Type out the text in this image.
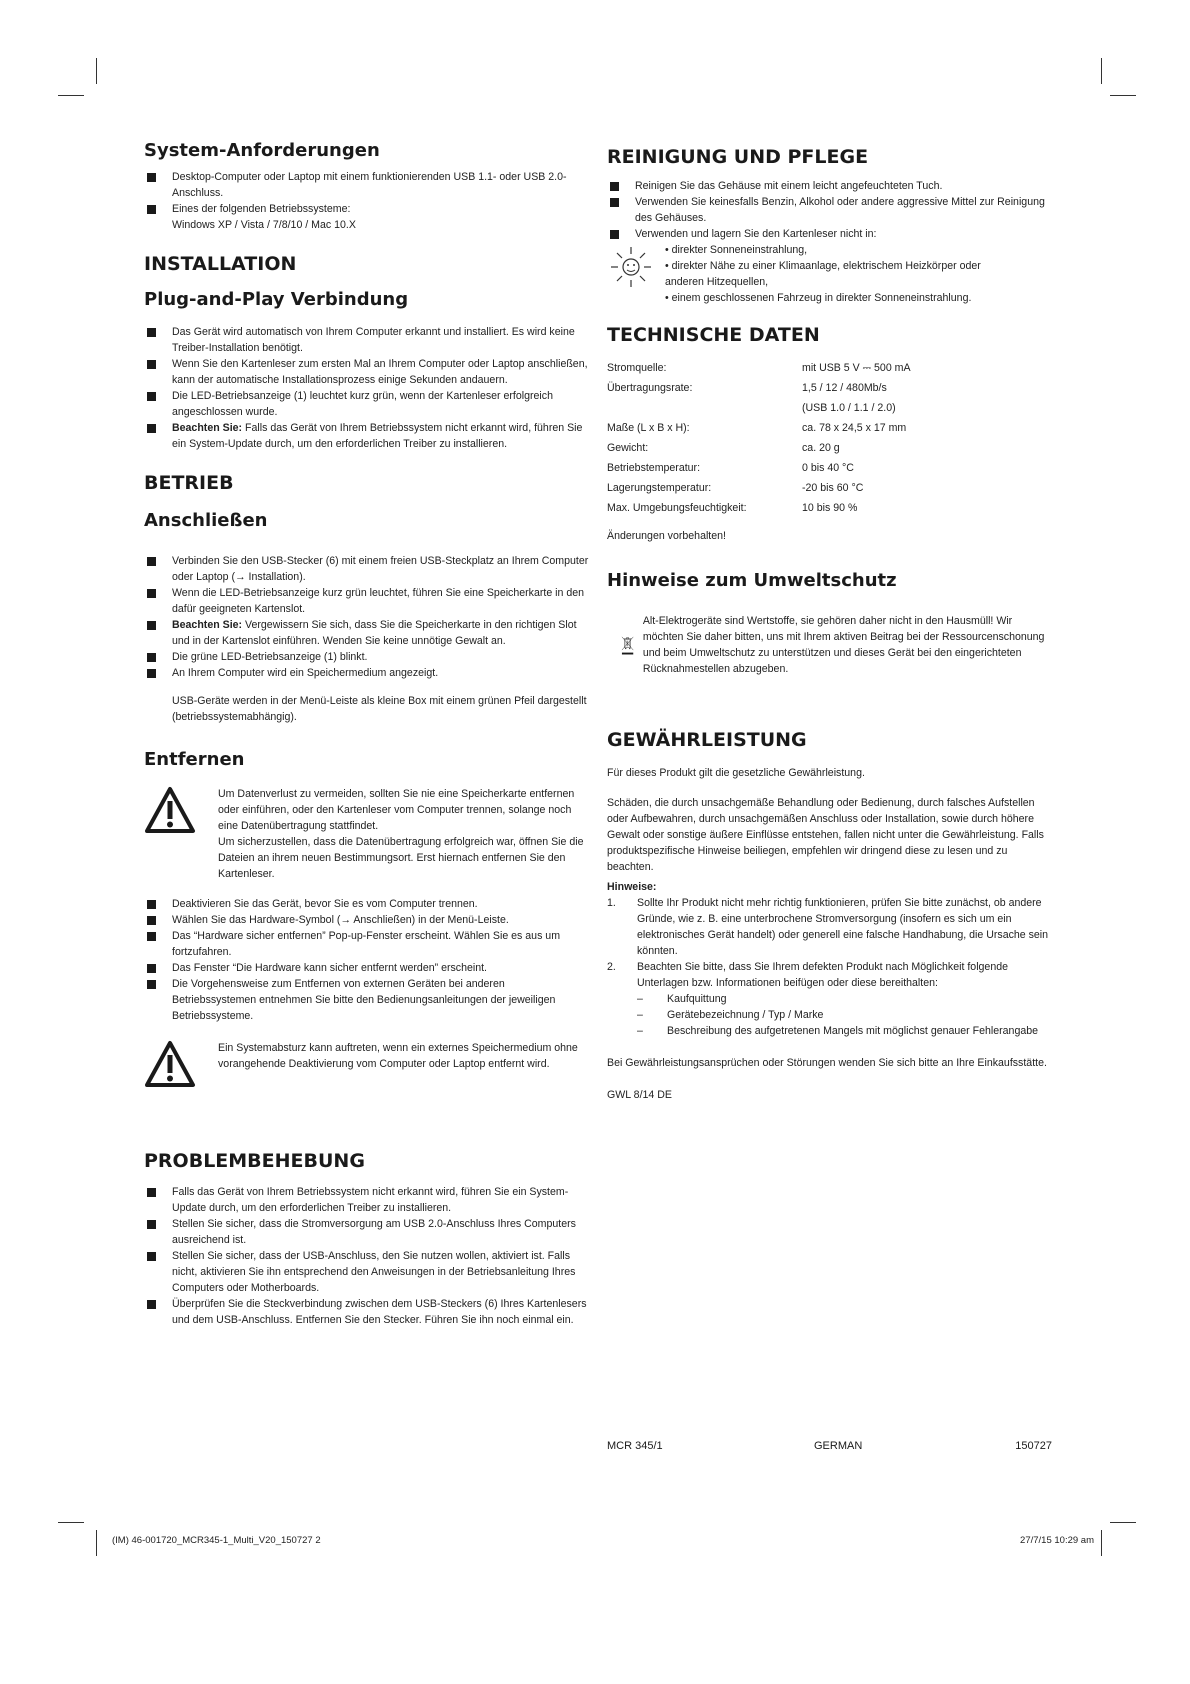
System-Anforderungen
Desktop-Computer oder Laptop mit einem funktionierenden USB 1.1- oder USB 2.0-Anschluss.
Eines der folgenden Betriebssysteme:
Windows XP / Vista / 7/8/10 / Mac 10.X
INSTALLATION
Plug-and-Play Verbindung
Das Gerät wird automatisch von Ihrem Computer erkannt und installiert. Es wird keine Treiber-Installation benötigt.
Wenn Sie den Kartenleser zum ersten Mal an Ihrem Computer oder Laptop anschließen, kann der automatische Installationsprozess einige Sekunden andauern.
Die LED-Betriebsanzeige (1) leuchtet kurz grün, wenn der Kartenleser erfolgreich angeschlossen wurde.
Beachten Sie: Falls das Gerät von Ihrem Betriebssystem nicht erkannt wird, führen Sie ein System-Update durch, um den erforderlichen Treiber zu installieren.
BETRIEB
Anschließen
Verbinden Sie den USB-Stecker (6) mit einem freien USB-Steckplatz an Ihrem Computer oder Laptop (→ Installation).
Wenn die LED-Betriebsanzeige kurz grün leuchtet, führen Sie eine Speicherkarte in den dafür geeigneten Kartenslot.
Beachten Sie: Vergewissern Sie sich, dass Sie die Speicherkarte in den richtigen Slot und in der Kartenslot einführen. Wenden Sie keine unnötige Gewalt an.
Die grüne LED-Betriebsanzeige (1) blinkt.
An Ihrem Computer wird ein Speichermedium angezeigt.

USB-Geräte werden in der Menü-Leiste als kleine Box mit einem grünen Pfeil dargestellt (betriebssystemabhängig).

Entfernen

Um Datenverlust zu vermeiden, sollten Sie nie eine Speicherkarte entfernen oder einführen, oder den Kartenleser vom Computer trennen, solange noch eine Datenübertragung stattfindet.
Um sicherzustellen, dass die Datenübertragung erfolgreich war, öffnen Sie die Dateien an ihrem neuen Bestimmungsort. Erst hiernach entfernen Sie den Kartenleser.

Deaktivieren Sie das Gerät, bevor Sie es vom Computer trennen.
Wählen Sie das Hardware-Symbol (→ Anschließen) in der Menü-Leiste.
Das “Hardware sicher entfernen” Pop-up-Fenster erscheint. Wählen Sie es aus um fortzufahren.
Das Fenster “Die Hardware kann sicher entfernt werden” erscheint.
Die Vorgehensweise zum Entfernen von externen Geräten bei anderen Betriebssystemen entnehmen Sie bitte den Bedienungsanleitungen der jeweiligen Betriebssysteme.

Ein Systemabsturz kann auftreten, wenn ein externes Speichermedium ohne vorangehende Deaktivierung vom Computer oder Laptop entfernt wird.

PROBLEMBEHEBUNG
Falls das Gerät von Ihrem Betriebssystem nicht erkannt wird, führen Sie ein System-Update durch, um den erforderlichen Treiber zu installieren.
Stellen Sie sicher, dass die Stromversorgung am USB 2.0-Anschluss Ihres Computers ausreichend ist.
Stellen Sie sicher, dass der USB-Anschluss, den Sie nutzen wollen, aktiviert ist. Falls nicht, aktivieren Sie ihn entsprechend den Anweisungen in der Betriebsanleitung Ihres Computers oder Motherboards.
Überprüfen Sie die Steckverbindung zwischen dem USB-Steckers (6) Ihres Kartenlesers und dem USB-Anschluss. Entfernen Sie den Stecker. Führen Sie ihn noch einmal ein.
REINIGUNG UND PFLEGE
Reinigen Sie das Gehäuse mit einem leicht angefeuchteten Tuch.
Verwenden Sie keinesfalls Benzin, Alkohol oder andere aggressive Mittel zur Reinigung des Gehäuses.
Verwenden und lagern Sie den Kartenleser nicht in:

• direkter Sonneneinstrahlung,

• direkter Nähe zu einer Klimaanlage, elektrischem Heizkörper oder
anderen Hitzequellen,

• einem geschlossenen Fahrzeug in direkter Sonneneinstrahlung.

TECHNISCHE DATEN
Stromquelle:	mit USB 5 V ⎓ 500 mA
Übertragungsrate:	1,5 / 12 / 480Mb/s
	(USB 1.0 / 1.1 / 2.0)
Maße (L x B x H):	ca. 78 x 24,5 x 17 mm
Gewicht:	ca. 20 g
Betriebstemperatur:	0 bis 40 °C
Lagerungstemperatur:	-20 bis 60 °C
Max. Umgebungsfeuchtigkeit:	10 bis 90 %

Änderungen vorbehalten!

Hinweise zum Umweltschutz

Alt-Elektrogeräte sind Wertstoffe, sie gehören daher nicht in den Hausmüll! Wir möchten Sie daher bitten, uns mit Ihrem aktiven Beitrag bei der Ressourcenschonung und beim Umweltschutz zu unterstützen und dieses Gerät bei den eingerichteten Rücknahmestellen abzugeben.

GEWÄHRLEISTUNG

Für dieses Produkt gilt die gesetzliche Gewährleistung.

Schäden, die durch unsachgemäße Behandlung oder Bedienung, durch falsches Aufstellen oder Aufbewahren, durch unsachgemäßen Anschluss oder Installation, sowie durch höhere Gewalt oder sonstige äußere Einflüsse entstehen, fallen nicht unter die Gewährleistung. Falls produktspezifische Hinweise beiliegen, empfehlen wir dringend diese zu lesen und zu beachten.

Hinweise:

1. Sollte Ihr Produkt nicht mehr richtig funktionieren, prüfen Sie bitte zunächst, ob andere Gründe, wie z. B. eine unterbrochene Stromversorgung (insofern es sich um ein elektronisches Gerät handelt) oder generell eine falsche Handhabung, die Ursache sein könnten.
2. Beachten Sie bitte, dass Sie Ihrem defekten Produkt nach Möglichkeit folgende Unterlagen bzw. Informationen beifügen oder diese bereithalten:
– Kaufquittung
– Gerätebezeichnung / Typ / Marke
– Beschreibung des aufgetretenen Mangels mit möglichst genauer Fehlerangabe

Bei Gewährleistungsansprüchen oder Störungen wenden Sie sich bitte an Ihre Einkaufsstätte.

GWL 8/14 DE

MCR 345/1	GERMAN	150727
(IM) 46-001720_MCR345-1_Multi_V20_150727 2	27/7/15 10:29 am
